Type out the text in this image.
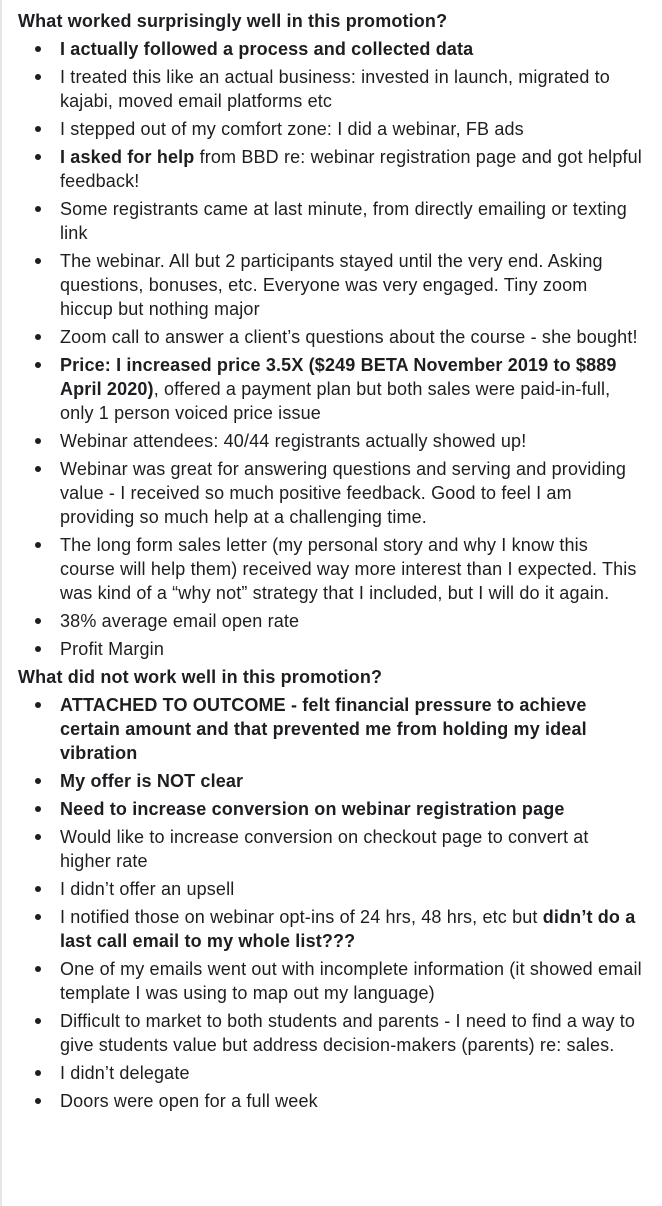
What worked surprisingly well in this promotion?

I actually followed a process and collected data
I treated this like an actual business: invested in launch, migrated to kajabi, moved email platforms etc
I stepped out of my comfort zone: I did a webinar, FB ads
I asked for help from BBD re: webinar registration page and got helpful feedback!
Some registrants came at last minute, from directly emailing or texting link
The webinar. All but 2 participants stayed until the very end. Asking questions, bonuses, etc. Everyone was very engaged. Tiny zoom hiccup but nothing major
Zoom call to answer a client’s questions about the course - she bought!
Price: I increased price 3.5X ($249 BETA November 2019 to $889 April 2020), offered a payment plan but both sales were paid-in-full, only 1 person voiced price issue
Webinar attendees: 40/44 registrants actually showed up!
Webinar was great for answering questions and serving and providing value - I received so much positive feedback. Good to feel I am providing so much help at a challenging time.
The long form sales letter (my personal story and why I know this course will help them) received way more interest than I expected. This was kind of a “why not” strategy that I included, but I will do it again.
38% average email open rate
Profit Margin

What did not work well in this promotion?

ATTACHED TO OUTCOME - felt financial pressure to achieve certain amount and that prevented me from holding my ideal vibration
My offer is NOT clear
Need to increase conversion on webinar registration page
Would like to increase conversion on checkout page to convert at higher rate
I didn’t offer an upsell
I notified those on webinar opt-ins of 24 hrs, 48 hrs, etc but didn’t do a last call email to my whole list???
One of my emails went out with incomplete information (it showed email template I was using to map out my language)
Difficult to market to both students and parents - I need to find a way to give students value but address decision-makers (parents) re: sales.
I didn’t delegate
Doors were open for a full week
